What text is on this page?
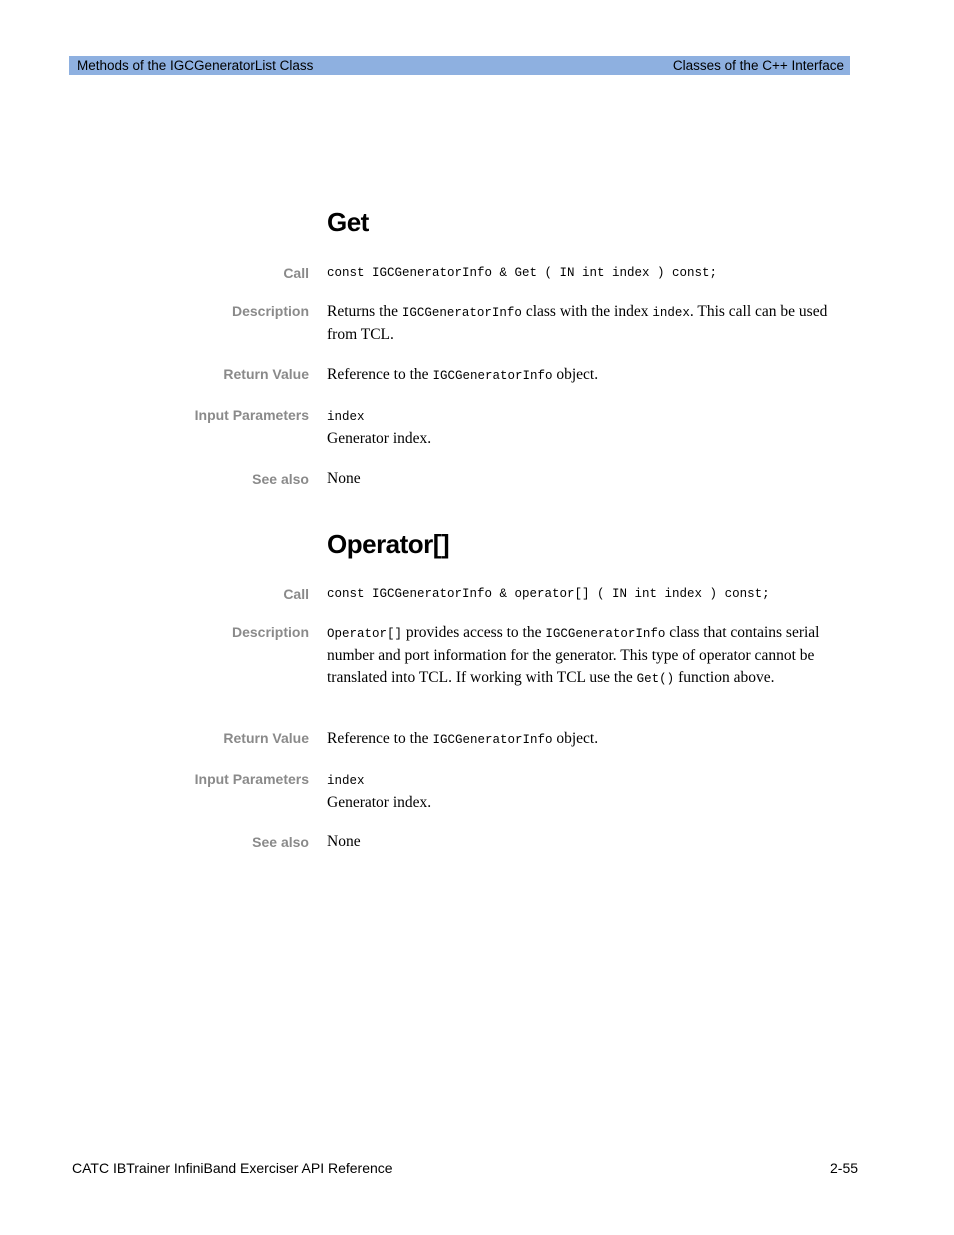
Methods of the IGCGeneratorList Class	Classes of the C++ Interface
Get
Call const IGCGeneratorInfo & Get ( IN int index ) const;
Description Returns the IGCGeneratorInfo class with the index index. This call can be used from TCL.
Return Value Reference to the IGCGeneratorInfo object.
Input Parameters index
Generator index.
See also None
Operator[]
Call const IGCGeneratorInfo & operator[] ( IN int index ) const;
Description Operator[] provides access to the IGCGeneratorInfo class that contains serial number and port information for the generator. This type of operator cannot be translated into TCL. If working with TCL use the Get() function above.
Return Value Reference to the IGCGeneratorInfo object.
Input Parameters index
Generator index.
See also None
CATC IBTrainer InfiniBand Exerciser API Reference	2-55
